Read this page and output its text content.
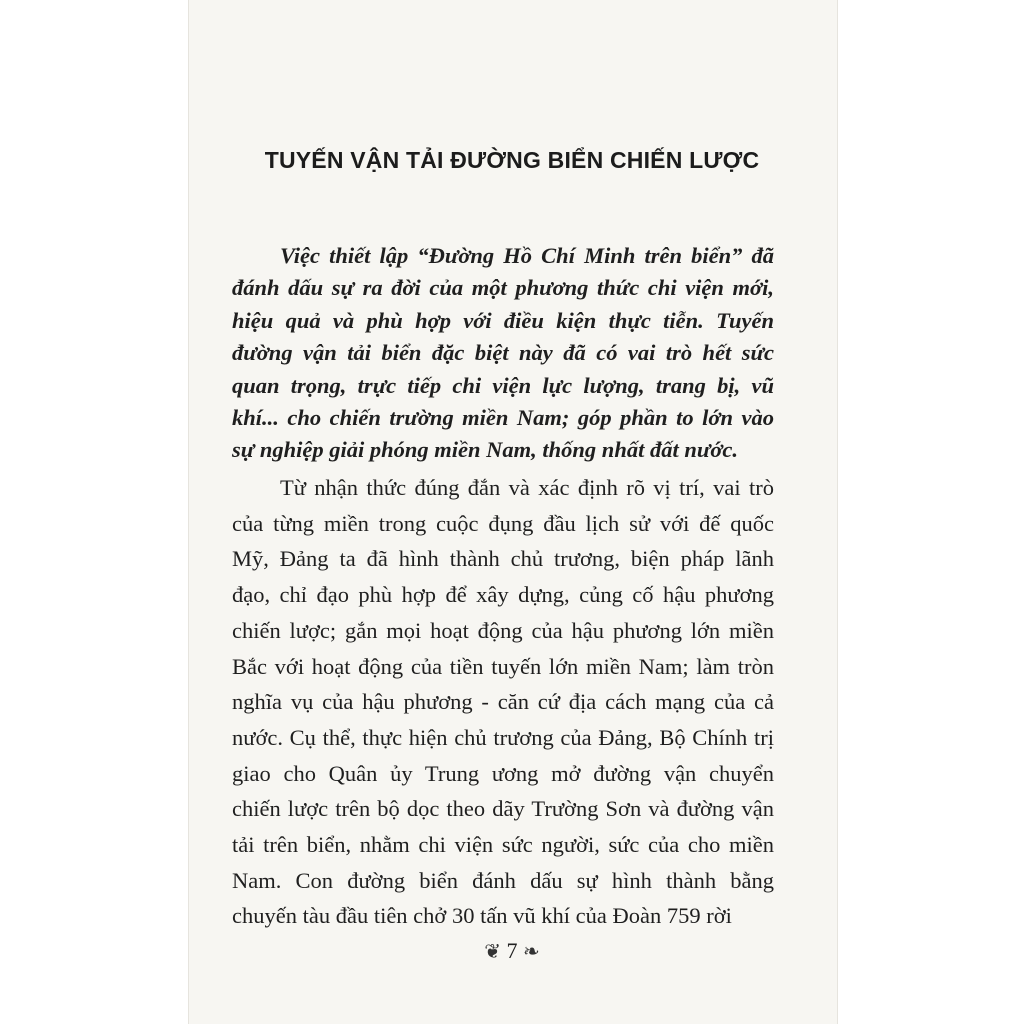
TUYẾN VẬN TẢI ĐƯỜNG BIỂN CHIẾN LƯỢC
Việc thiết lập “Đường Hồ Chí Minh trên biển” đã
đánh dấu sự ra đời của một phương thức chi viện mới,
hiệu quả và phù hợp với điều kiện thực tiễn. Tuyến
đường vận tải biển đặc biệt này đã có vai trò hết sức
quan trọng, trực tiếp chi viện lực lượng, trang bị, vũ
khí... cho chiến trường miền Nam; góp phần to lớn vào
sự nghiệp giải phóng miền Nam, thống nhất đất nước.
Từ nhận thức đúng đắn và xác định rõ vị trí, vai trò
của từng miền trong cuộc đụng đầu lịch sử với đế quốc
Mỹ, Đảng ta đã hình thành chủ trương, biện pháp lãnh
đạo, chỉ đạo phù hợp để xây dựng, củng cố hậu phương
chiến lược; gắn mọi hoạt động của hậu phương lớn miền
Bắc với hoạt động của tiền tuyến lớn miền Nam; làm tròn
nghĩa vụ của hậu phương - căn cứ địa cách mạng của cả
nước. Cụ thể, thực hiện chủ trương của Đảng, Bộ Chính trị
giao cho Quân ủy Trung ương mở đường vận chuyển
chiến lược trên bộ dọc theo dãy Trường Sơn và đường vận
tải trên biển, nhằm chi viện sức người, sức của cho miền
Nam. Con đường biển đánh dấu sự hình thành bằng
chuyến tàu đầu tiên chở 30 tấn vũ khí của Đoàn 759 rời
❦ 7 ❧
